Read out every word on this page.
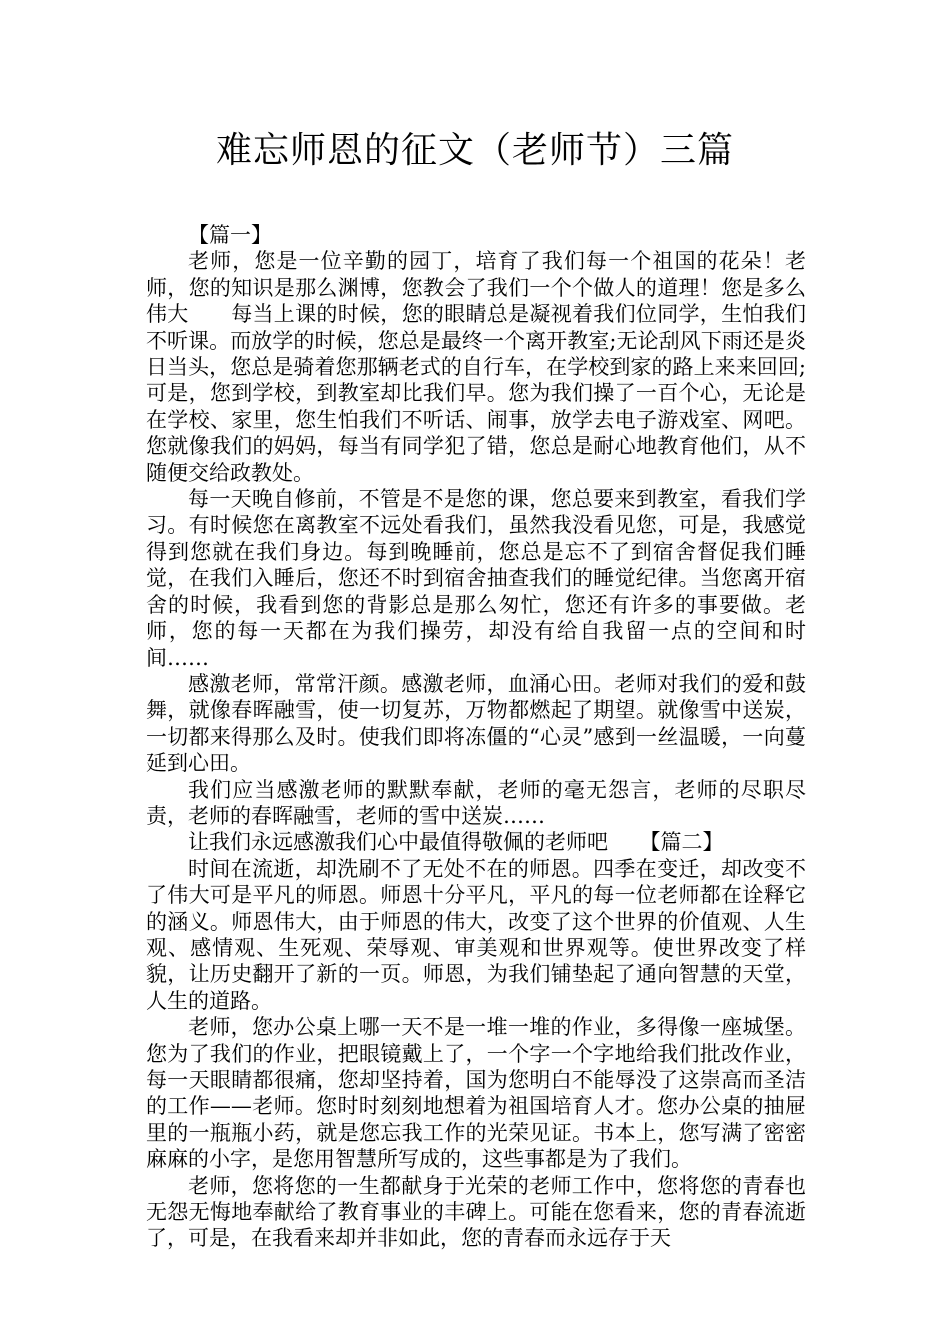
难忘师恩的征文（老师节）三篇

【篇一】

老师，您是一位辛勤的园丁，培育了我们每一个祖国的花朵！老师，您的知识是那么渊博，您教会了我们一个个做人的道理！您是多么伟大　　每当上课的时候，您的眼睛总是凝视着我们位同学，生怕我们不听课。而放学的时候，您总是最终一个离开教室;无论刮风下雨还是炎日当头，您总是骑着您那辆老式的自行车，在学校到家的路上来来回回;可是，您到学校，到教室却比我们早。您为我们操了一百个心，无论是在学校、家里，您生怕我们不听话、闹事，放学去电子游戏室、网吧。您就像我们的妈妈，每当有同学犯了错，您总是耐心地教育他们，从不随便交给政教处。

每一天晚自修前，不管是不是您的课，您总要来到教室，看我们学习。有时候您在离教室不远处看我们，虽然我没看见您，可是，我感觉得到您就在我们身边。每到晚睡前，您总是忘不了到宿舍督促我们睡觉，在我们入睡后，您还不时到宿舍抽查我们的睡觉纪律。当您离开宿舍的时候，我看到您的背影总是那么匆忙，您还有许多的事要做。老师，您的每一天都在为我们操劳，却没有给自我留一点的空间和时间……

感激老师，常常汗颜。感激老师，血涌心田。老师对我们的爱和鼓舞，就像春晖融雪，使一切复苏，万物都燃起了期望。就像雪中送炭，一切都来得那么及时。使我们即将冻僵的“心灵”感到一丝温暖，一向蔓延到心田。

我们应当感激老师的默默奉献，老师的毫无怨言，老师的尽职尽责，老师的春晖融雪，老师的雪中送炭……

让我们永远感激我们心中最值得敬佩的老师吧　　【篇二】

时间在流逝，却洗刷不了无处不在的师恩。四季在变迁，却改变不了伟大可是平凡的师恩。师恩十分平凡，平凡的每一位老师都在诠释它的涵义。师恩伟大，由于师恩的伟大，改变了这个世界的价值观、人生观、感情观、生死观、荣辱观、审美观和世界观等。使世界改变了样貌，让历史翻开了新的一页。师恩，为我们铺垫起了通向智慧的天堂，人生的道路。

老师，您办公桌上哪一天不是一堆一堆的作业，多得像一座城堡。您为了我们的作业，把眼镜戴上了，一个字一个字地给我们批改作业，每一天眼睛都很痛，您却坚持着，国为您明白不能辱没了这崇高而圣洁的工作——老师。您时时刻刻地想着为祖国培育人才。您办公桌的抽屉里的一瓶瓶小药，就是您忘我工作的光荣见证。书本上，您写满了密密麻麻的小字，是您用智慧所写成的，这些事都是为了我们。

老师，您将您的一生都献身于光荣的老师工作中，您将您的青春也无怨无悔地奉献给了教育事业的丰碑上。可能在您看来，您的青春流逝了，可是，在我看来却并非如此，您的青春而永远存于天
